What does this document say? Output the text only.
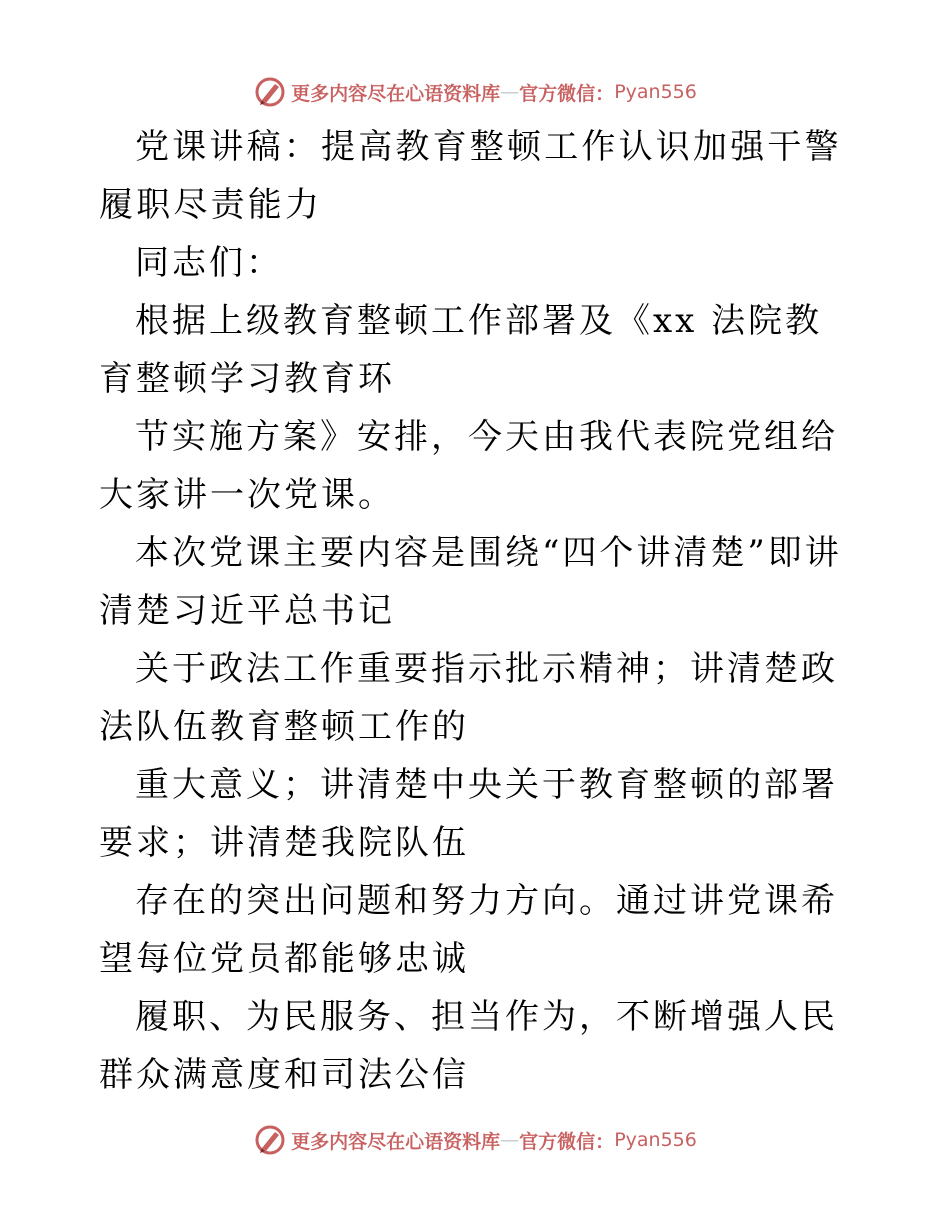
更多内容尽在心语资料库 — 官方微信： Pyan556

党课讲稿：提高教育整顿工作认识加强干警履职尽责能力

同志们：

根据上级教育整顿工作部署及《xx 法院教育整顿学习教育环

节实施方案》安排，今天由我代表院党组给大家讲一次党课。

本次党课主要内容是围绕“四个讲清楚”即讲清楚习近平总书记

关于政法工作重要指示批示精神；讲清楚政法队伍教育整顿工作的

重大意义；讲清楚中央关于教育整顿的部署要求；讲清楚我院队伍

存在的突出问题和努力方向。通过讲党课希望每位党员都能够忠诚

履职、为民服务、担当作为，不断增强人民群众满意度和司法公信

更多内容尽在心语资料库 — 官方微信： Pyan556
